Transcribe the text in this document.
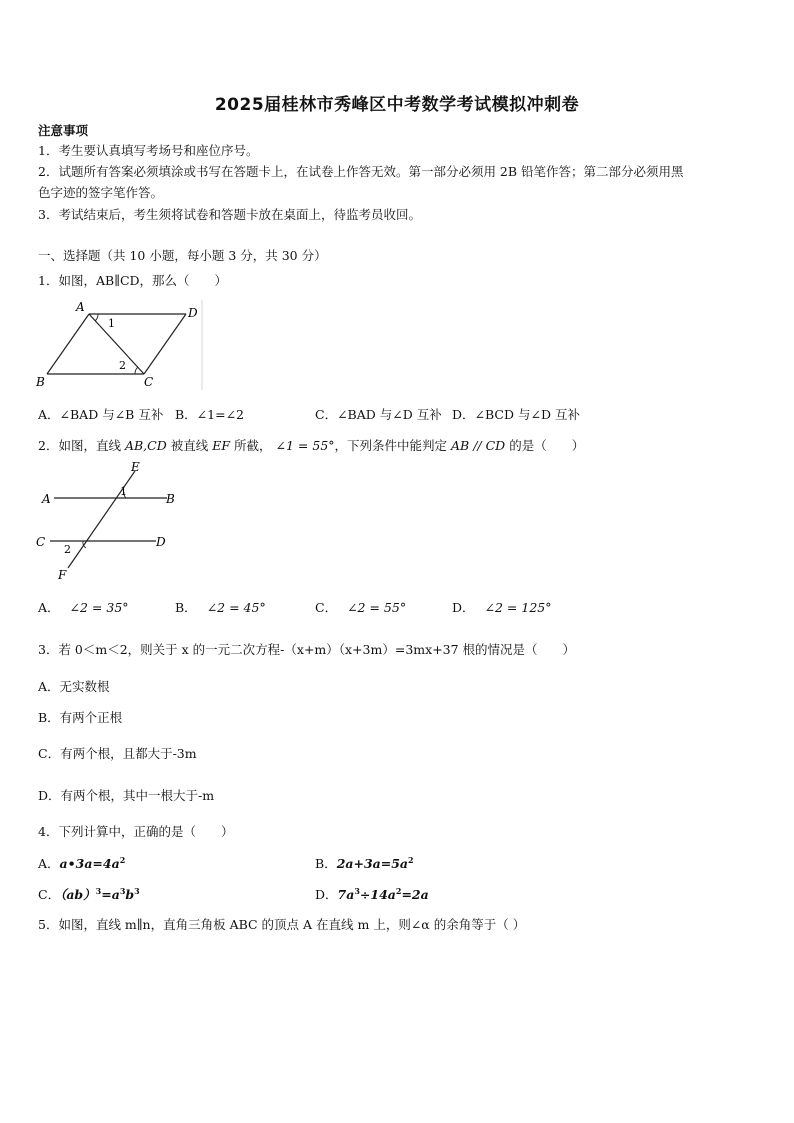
2025届桂林市秀峰区中考数学考试模拟冲刺卷
注意事项
1．考生要认真填写考场号和座位序号。
2．试题所有答案必须填涂或书写在答题卡上，在试卷上作答无效。第一部分必须用 2B 铅笔作答；第二部分必须用黑
色字迹的签字笔作答。
3．考试结束后，考生须将试卷和答题卡放在桌面上，待监考员收回。
一、选择题（共 10 小题，每小题 3 分，共 30 分）
1．如图，AB∥CD，那么（　　）
A	D
B	C
1
2
A．∠BAD 与∠B 互补 B．∠1=∠2	C．∠BAD 与∠D 互补 D．∠BCD 与∠D 互补
2．如图，直线 AB,CD 被直线 EF 所截， ∠1 = 55°，下列条件中能判定 AB // CD 的是（　　）
E
A	B
C	D
F
1
2
A． ∠2 = 35°	B． ∠2 = 45°	C． ∠2 = 55°	D． ∠2 = 125°
3．若 0＜m＜2，则关于 x 的一元二次方程-（x+m）（x+3m）=3mx+37 根的情况是（　　）
A．无实数根
B．有两个正根
C．有两个根，且都大于-3m
D．有两个根，其中一根大于-m
4．下列计算中，正确的是（　　）
A．$a•3a=4a^2$	B．$2a+3a=5a^2$
C．$(ab)^3=a^3b^3$	D．$7a^3\div 14a^2=2a$
5．如图，直线 m∥n，直角三角板 ABC 的顶点 A 在直线 m 上，则∠α 的余角等于（ ）
